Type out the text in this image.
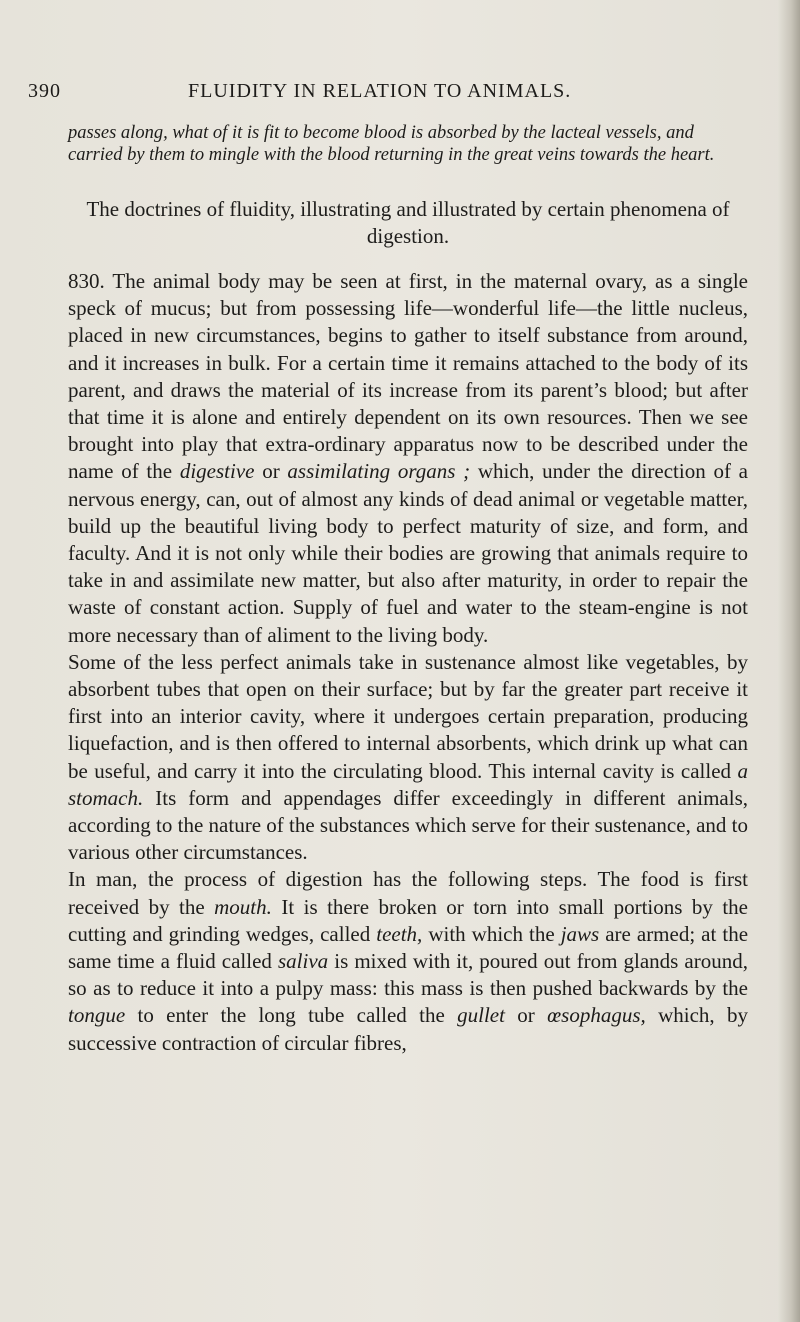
390	FLUIDITY IN RELATION TO ANIMALS.

passes along, what of it is fit to become blood is absorbed by the lacteal vessels, and carried by them to mingle with the blood returning in the great veins towards the heart.

The doctrines of fluidity, illustrating and illustrated by certain phenomena of digestion.

830. The animal body may be seen at first, in the maternal ovary, as a single speck of mucus; but from possessing life—wonderful life—the little nucleus, placed in new circumstances, begins to gather to itself substance from around, and it increases in bulk. For a certain time it remains attached to the body of its parent, and draws the material of its increase from its parent’s blood; but after that time it is alone and entirely dependent on its own resources. Then we see brought into play that extra-ordinary apparatus now to be described under the name of the digestive or assimilating organs ; which, under the direction of a nervous energy, can, out of almost any kinds of dead animal or vegetable matter, build up the beautiful living body to perfect maturity of size, and form, and faculty. And it is not only while their bodies are growing that animals require to take in and assimilate new matter, but also after maturity, in order to repair the waste of constant action. Supply of fuel and water to the steam-engine is not more necessary than of aliment to the living body.

Some of the less perfect animals take in sustenance almost like vegetables, by absorbent tubes that open on their surface; but by far the greater part receive it first into an interior cavity, where it undergoes certain preparation, producing liquefaction, and is then offered to internal absorbents, which drink up what can be useful, and carry it into the circulating blood. This internal cavity is called a stomach. Its form and appendages differ exceedingly in different animals, according to the nature of the substances which serve for their sustenance, and to various other circumstances.

In man, the process of digestion has the following steps. The food is first received by the mouth. It is there broken or torn into small portions by the cutting and grinding wedges, called teeth, with which the jaws are armed; at the same time a fluid called saliva is mixed with it, poured out from glands around, so as to reduce it into a pulpy mass: this mass is then pushed backwards by the tongue to enter the long tube called the gullet or œsophagus, which, by successive contraction of circular fibres,
